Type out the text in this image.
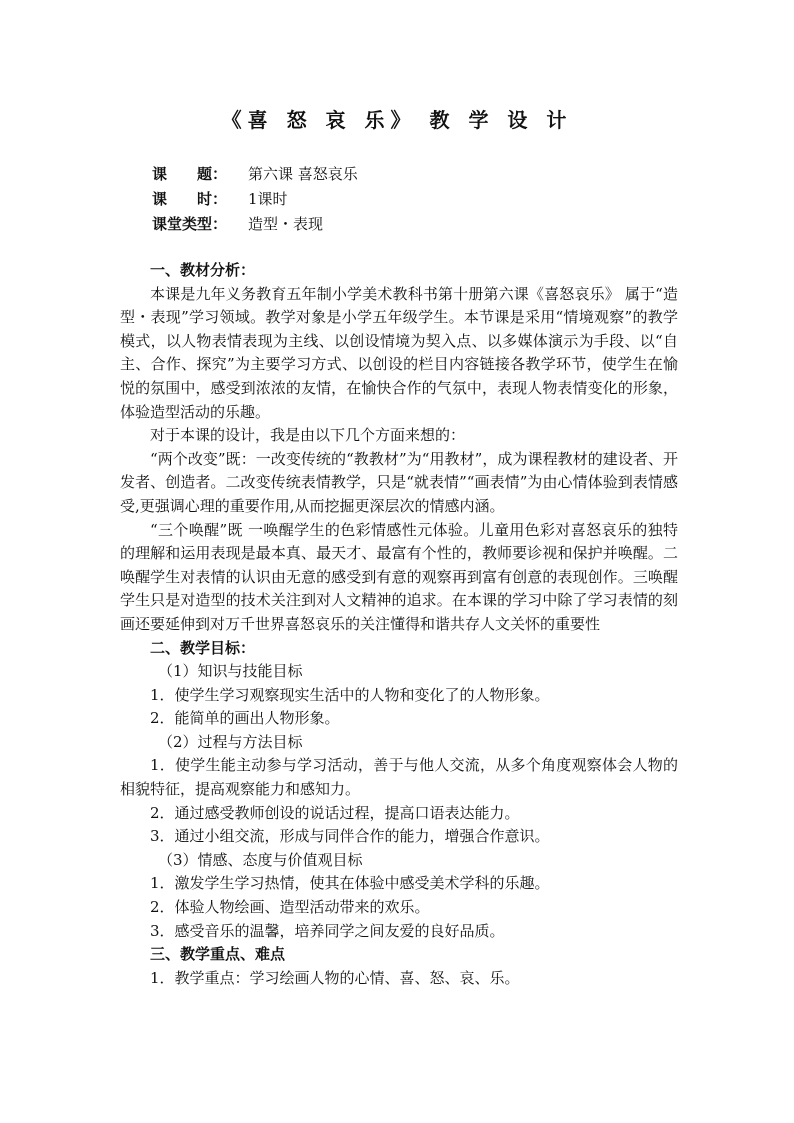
《喜 怒 哀 乐》 教 学 设 计
课　　题： 第六课 喜怒哀乐
课　　时： 1课时
课堂类型： 造型・表现

一、教材分析：

本课是九年义务教育五年制小学美术教科书第十册第六课《喜怒哀乐》 属于“造型・表现”学习领域。教学对象是小学五年级学生。本节课是采用“情境观察”的教学模式，以人物表情表现为主线、以创设情境为契入点、以多媒体演示为手段、以“自主、合作、探究”为主要学习方式、以创设的栏目内容链接各教学环节，使学生在愉悦的氛围中，感受到浓浓的友情，在愉快合作的气氛中，表现人物表情变化的形象，体验造型活动的乐趣。

对于本课的设计，我是由以下几个方面来想的：

“两个改变”既：一改变传统的“教教材”为“用教材”，成为课程教材的建设者、开发者、创造者。二改变传统表情教学，只是“就表情”“画表情”为由心情体验到表情感受,更强调心理的重要作用,从而挖掘更深层次的情感内涵。

“三个唤醒”既 一唤醒学生的色彩情感性元体验。儿童用色彩对喜怒哀乐的独特的理解和运用表现是最本真、最天才、最富有个性的，教师要诊视和保护并唤醒。二唤醒学生对表情的认识由无意的感受到有意的观察再到富有创意的表现创作。三唤醒学生只是对造型的技术关注到对人文精神的追求。在本课的学习中除了学习表情的刻画还要延伸到对万千世界喜怒哀乐的关注懂得和谐共存人文关怀的重要性

二、教学目标：

（1）知识与技能目标

1．使学生学习观察现实生活中的人物和变化了的人物形象。

2．能简单的画出人物形象。

（2）过程与方法目标

1．使学生能主动参与学习活动，善于与他人交流，从多个角度观察体会人物的相貌特征，提高观察能力和感知力。

2．通过感受教师创设的说话过程，提高口语表达能力。

3．通过小组交流，形成与同伴合作的能力，增强合作意识。

（3）情感、态度与价值观目标

1．激发学生学习热情，使其在体验中感受美术学科的乐趣。

2．体验人物绘画、造型活动带来的欢乐。

3．感受音乐的温馨，培养同学之间友爱的良好品质。

三、教学重点、难点

1．教学重点：学习绘画人物的心情、喜、怒、哀、乐。
